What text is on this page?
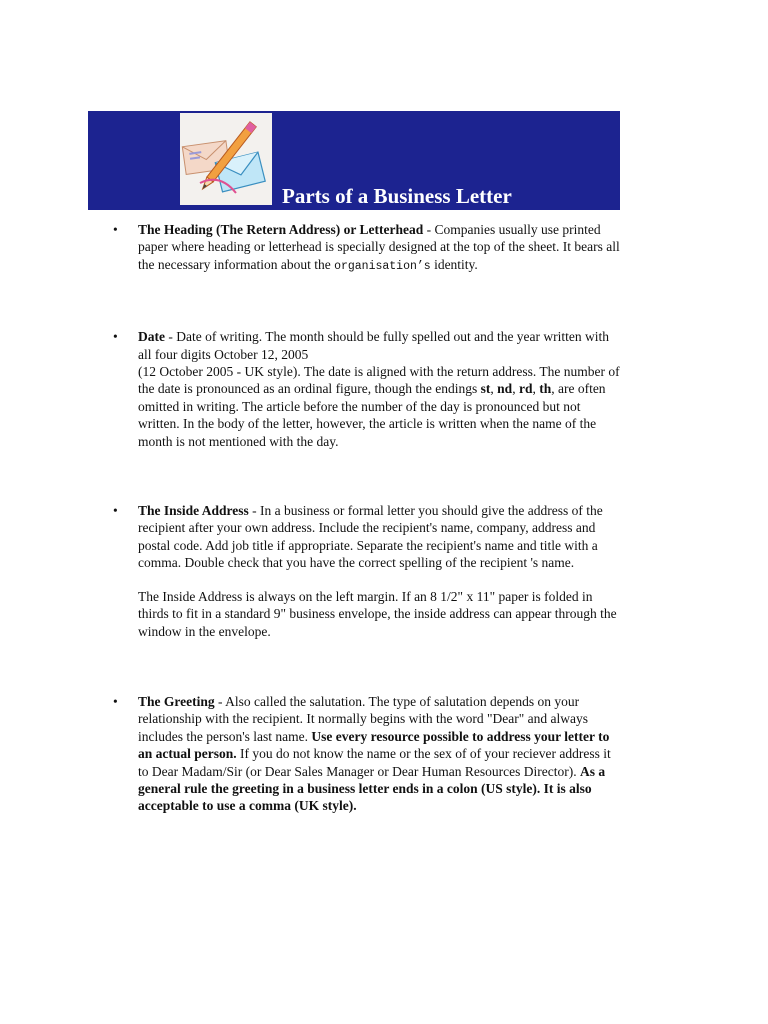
Parts of a Business Letter
• The Heading (The Retern Address) or Letterhead - Companies usually use printed paper where heading or letterhead is specially designed at the top of the sheet. It bears all the necessary information about the organisation’s identity.

• Date - Date of writing. The month should be fully spelled out and the year written with all four digits October 12, 2005
(12 October 2005 - UK style). The date is aligned with the return address. The number of the date is pronounced as an ordinal figure, though the endings st, nd, rd, th, are often omitted in writing. The article before the number of the day is pronounced but not written. In the body of the letter, however, the article is written when the name of the month is not mentioned with the day.

• The Inside Address - In a business or formal letter you should give the address of the recipient after your own address. Include the recipient's name, company, address and postal code. Add job title if appropriate. Separate the recipient's name and title with a comma. Double check that you have the correct spelling of the recipient 's name.

The Inside Address is always on the left margin. If an 8 1/2" x 11" paper is folded in thirds to fit in a standard 9" business envelope, the inside address can appear through the window in the envelope.

• The Greeting - Also called the salutation. The type of salutation depends on your relationship with the recipient. It normally begins with the word "Dear" and always includes the person's last name. Use every resource possible to address your letter to an actual person. If you do not know the name or the sex of of your reciever address it to Dear Madam/Sir (or Dear Sales Manager or Dear Human Resources Director). As a general rule the greeting in a business letter ends in a colon (US style). It is also acceptable to use a comma (UK style).
